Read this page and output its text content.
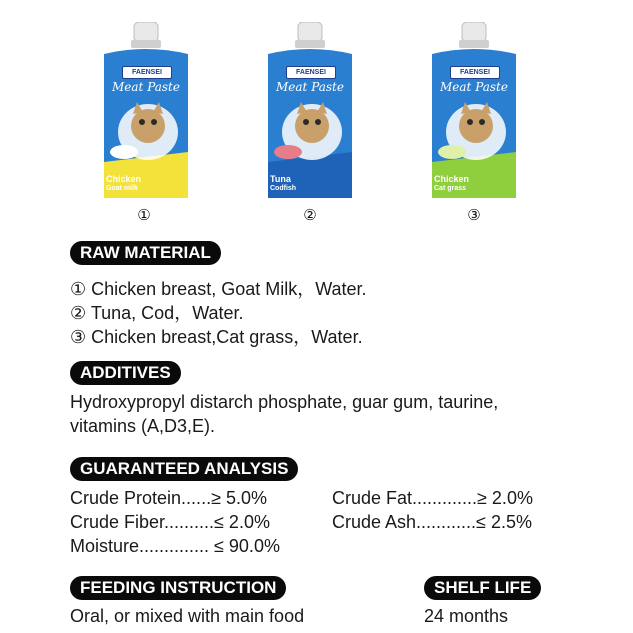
FAENSEI
Meat Paste
Chicken
Goat milk
①
FAENSEI
Meat Paste
Tuna
Codfish
②
FAENSEI
Meat Paste
Chicken
Cat grass
③
RAW MATERIAL
① Chicken breast, Goat Milk，Water.
② Tuna, Cod，Water.
③ Chicken breast,Cat grass，Water.
ADDITIVES
Hydroxypropyl distarch phosphate, guar gum, taurine,
vitamins (A,D3,E).
GUARANTEED ANALYSIS
Crude Protein......≥ 5.0%	Crude Fat.............≥ 2.0%
Crude Fiber..........≤ 2.0%	Crude Ash............≤ 2.5%
Moisture.............. ≤ 90.0%
FEEDING INSTRUCTION
Oral, or mixed with main food
SHELF LIFE
24 months
